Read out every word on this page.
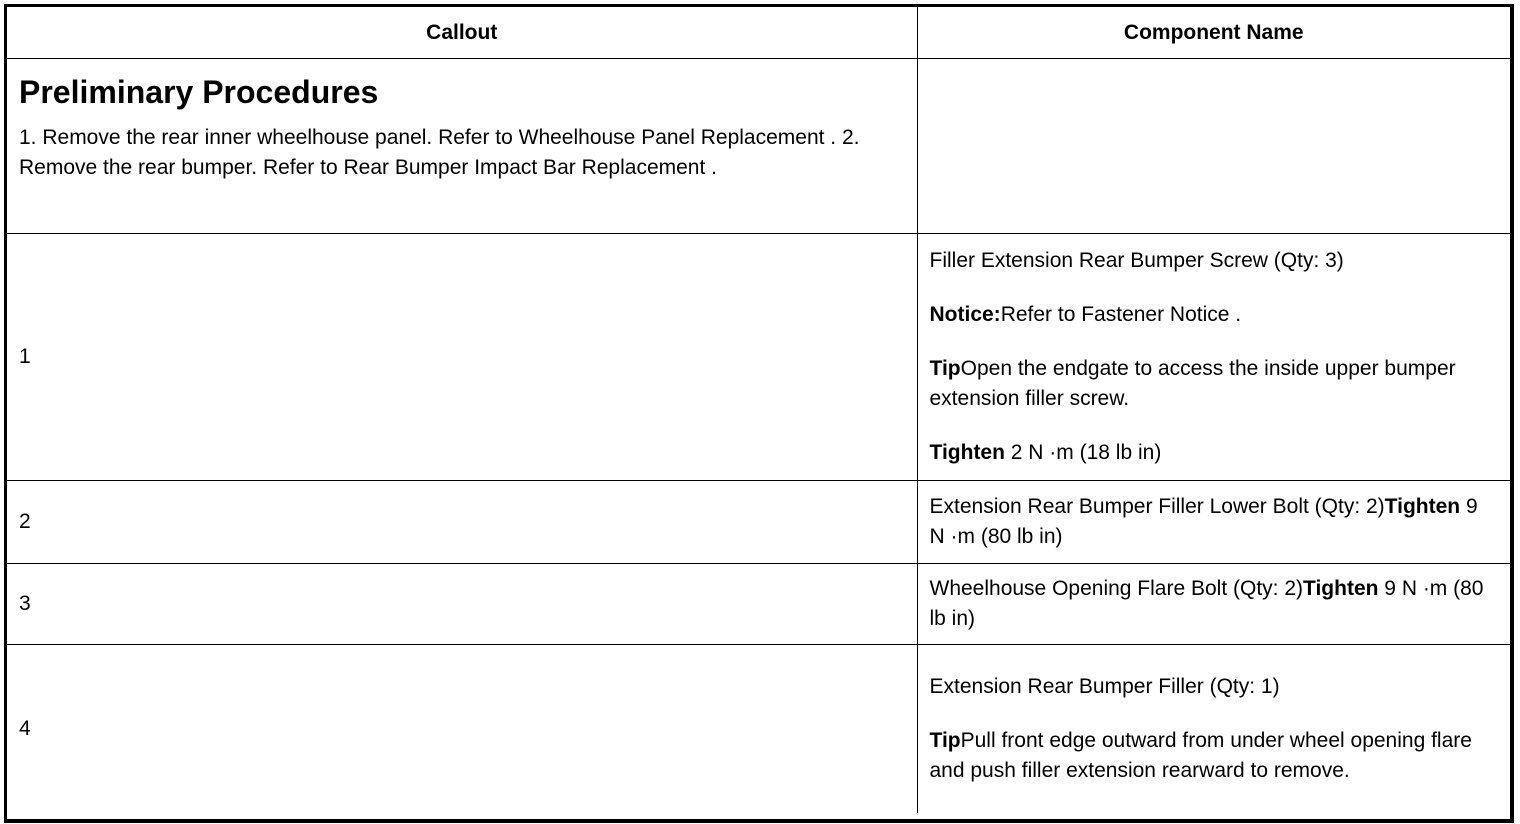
Callout	Component Name

Preliminary Procedures

1. Remove the rear inner wheelhouse panel. Refer to Wheelhouse Panel Replacement . 2. Remove the rear bumper. Refer to Rear Bumper Impact Bar Replacement .	

1	Filler Extension Rear Bumper Screw (Qty: 3)

Notice:Refer to Fastener Notice .

TipOpen the endgate to access the inside upper bumper extension filler screw.

Tighten 2 N ·m (18 lb in)

2	Extension Rear Bumper Filler Lower Bolt (Qty: 2)Tighten 9 N ·m (80 lb in)

3	Wheelhouse Opening Flare Bolt (Qty: 2)Tighten 9 N ·m (80 lb in)

4	Extension Rear Bumper Filler (Qty: 1)

TipPull front edge outward from under wheel opening flare and push filler extension rearward to remove.
